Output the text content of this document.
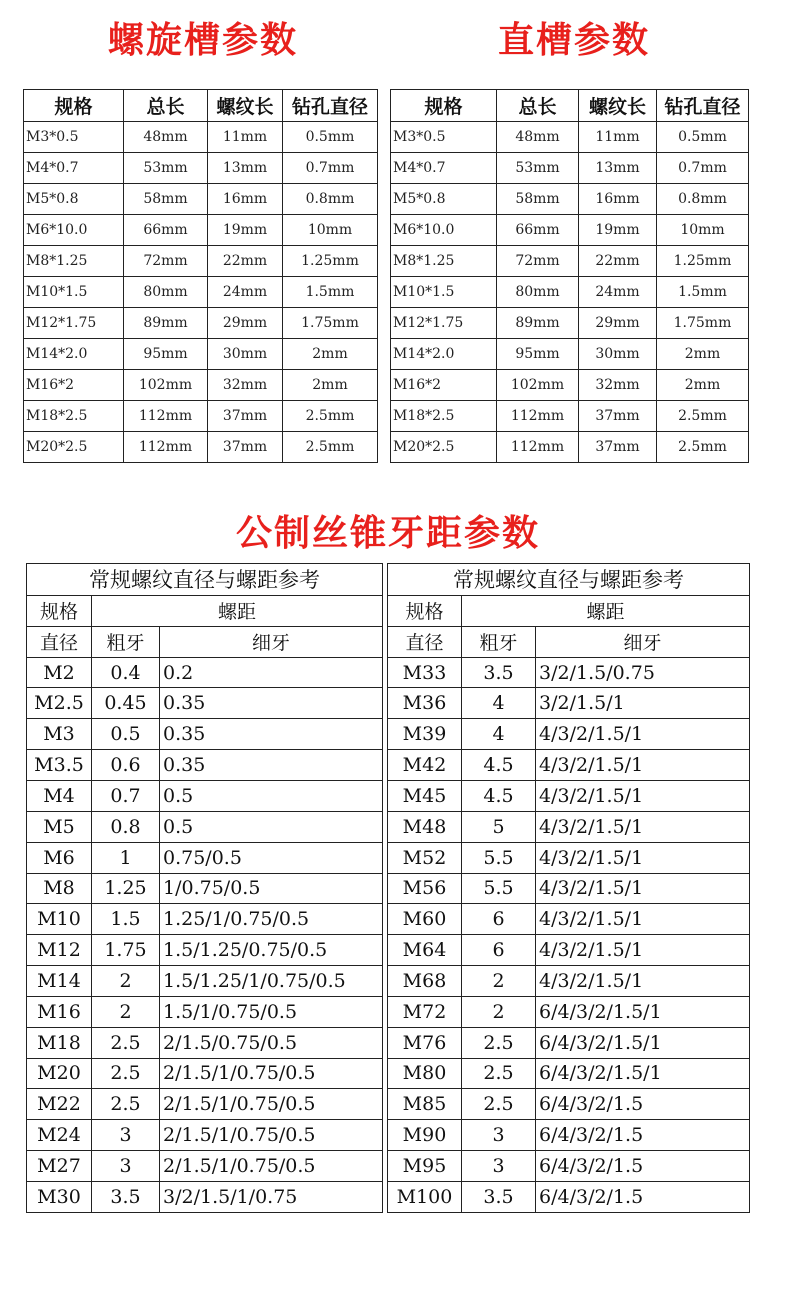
螺旋槽参数	直槽参数
规格	总长	螺纹长	钻孔直径
M3*0.5	48mm	11mm	0.5mm
M4*0.7	53mm	13mm	0.7mm
M5*0.8	58mm	16mm	0.8mm
M6*10.0	66mm	19mm	10mm
M8*1.25	72mm	22mm	1.25mm
M10*1.5	80mm	24mm	1.5mm
M12*1.75	89mm	29mm	1.75mm
M14*2.0	95mm	30mm	2mm
M16*2	102mm	32mm	2mm
M18*2.5	112mm	37mm	2.5mm
M20*2.5	112mm	37mm	2.5mm
规格	总长	螺纹长	钻孔直径
M3*0.5	48mm	11mm	0.5mm
M4*0.7	53mm	13mm	0.7mm
M5*0.8	58mm	16mm	0.8mm
M6*10.0	66mm	19mm	10mm
M8*1.25	72mm	22mm	1.25mm
M10*1.5	80mm	24mm	1.5mm
M12*1.75	89mm	29mm	1.75mm
M14*2.0	95mm	30mm	2mm
M16*2	102mm	32mm	2mm
M18*2.5	112mm	37mm	2.5mm
M20*2.5	112mm	37mm	2.5mm
公制丝锥牙距参数
常规螺纹直径与螺距参考		
规格	螺距	
直径	粗牙	细牙
M2	0.4	0.2
M2.5	0.45	0.35
M3	0.5	0.35
M3.5	0.6	0.35
M4	0.7	0.5
M5	0.8	0.5
M6	1	0.75/0.5
M8	1.25	1/0.75/0.5
M10	1.5	1.25/1/0.75/0.5
M12	1.75	1.5/1.25/0.75/0.5
M14	2	1.5/1.25/1/0.75/0.5
M16	2	1.5/1/0.75/0.5
M18	2.5	2/1.5/0.75/0.5
M20	2.5	2/1.5/1/0.75/0.5
M22	2.5	2/1.5/1/0.75/0.5
M24	3	2/1.5/1/0.75/0.5
M27	3	2/1.5/1/0.75/0.5
M30	3.5	3/2/1.5/1/0.75
常规螺纹直径与螺距参考		
规格	螺距	
直径	粗牙	细牙
M33	3.5	3/2/1.5/0.75
M36	4	3/2/1.5/1
M39	4	4/3/2/1.5/1
M42	4.5	4/3/2/1.5/1
M45	4.5	4/3/2/1.5/1
M48	5	4/3/2/1.5/1
M52	5.5	4/3/2/1.5/1
M56	5.5	4/3/2/1.5/1
M60	6	4/3/2/1.5/1
M64	6	4/3/2/1.5/1
M68	2	4/3/2/1.5/1
M72	2	6/4/3/2/1.5/1
M76	2.5	6/4/3/2/1.5/1
M80	2.5	6/4/3/2/1.5/1
M85	2.5	6/4/3/2/1.5
M90	3	6/4/3/2/1.5
M95	3	6/4/3/2/1.5
M100	3.5	6/4/3/2/1.5
